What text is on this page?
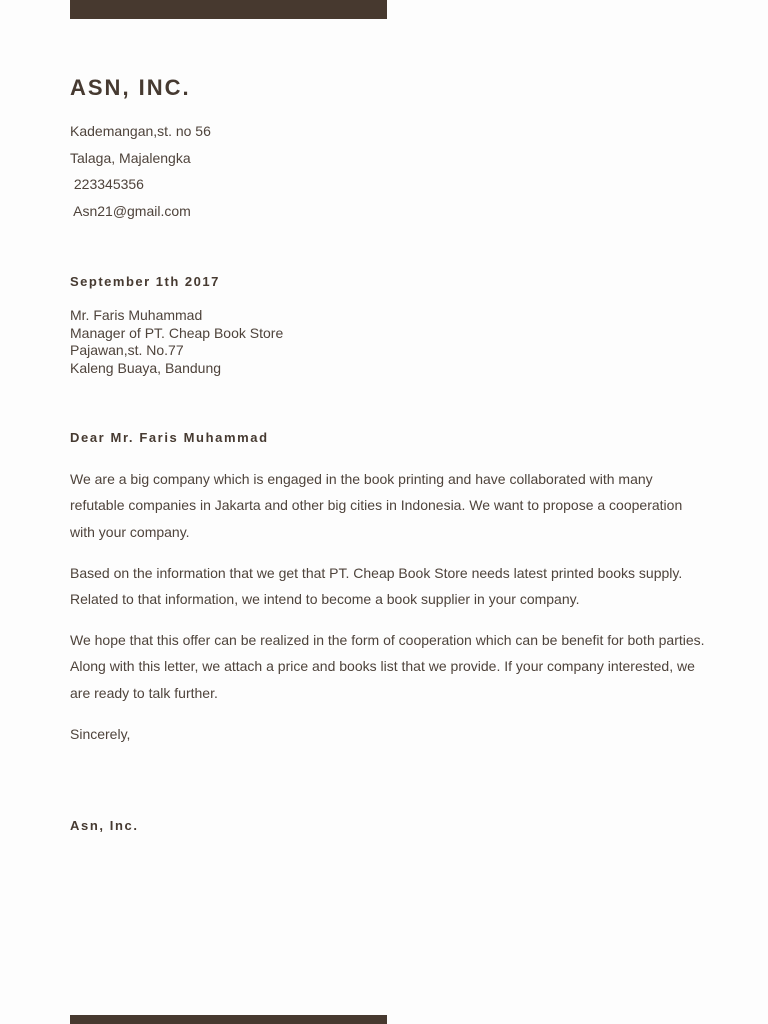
ASN, INC.
Kademangan,st. no 56
Talaga, Majalengka
223345356
Asn21@gmail.com
September 1th 2017
Mr. Faris Muhammad
Manager of PT. Cheap Book Store
Pajawan,st. No.77
Kaleng Buaya, Bandung
Dear Mr. Faris Muhammad

We are a big company which is engaged in the book printing and have collaborated with many refutable companies in Jakarta and other big cities in Indonesia. We want to propose a cooperation with your company.

Based on the information that we get that PT. Cheap Book Store needs latest printed books supply. Related to that information, we intend to become a book supplier in your company.

We hope that this offer can be realized in the form of cooperation which can be benefit for both parties. Along with this letter, we attach a price and books list that we provide. If your company interested, we are ready to talk further.

Sincerely,

Asn, Inc.
